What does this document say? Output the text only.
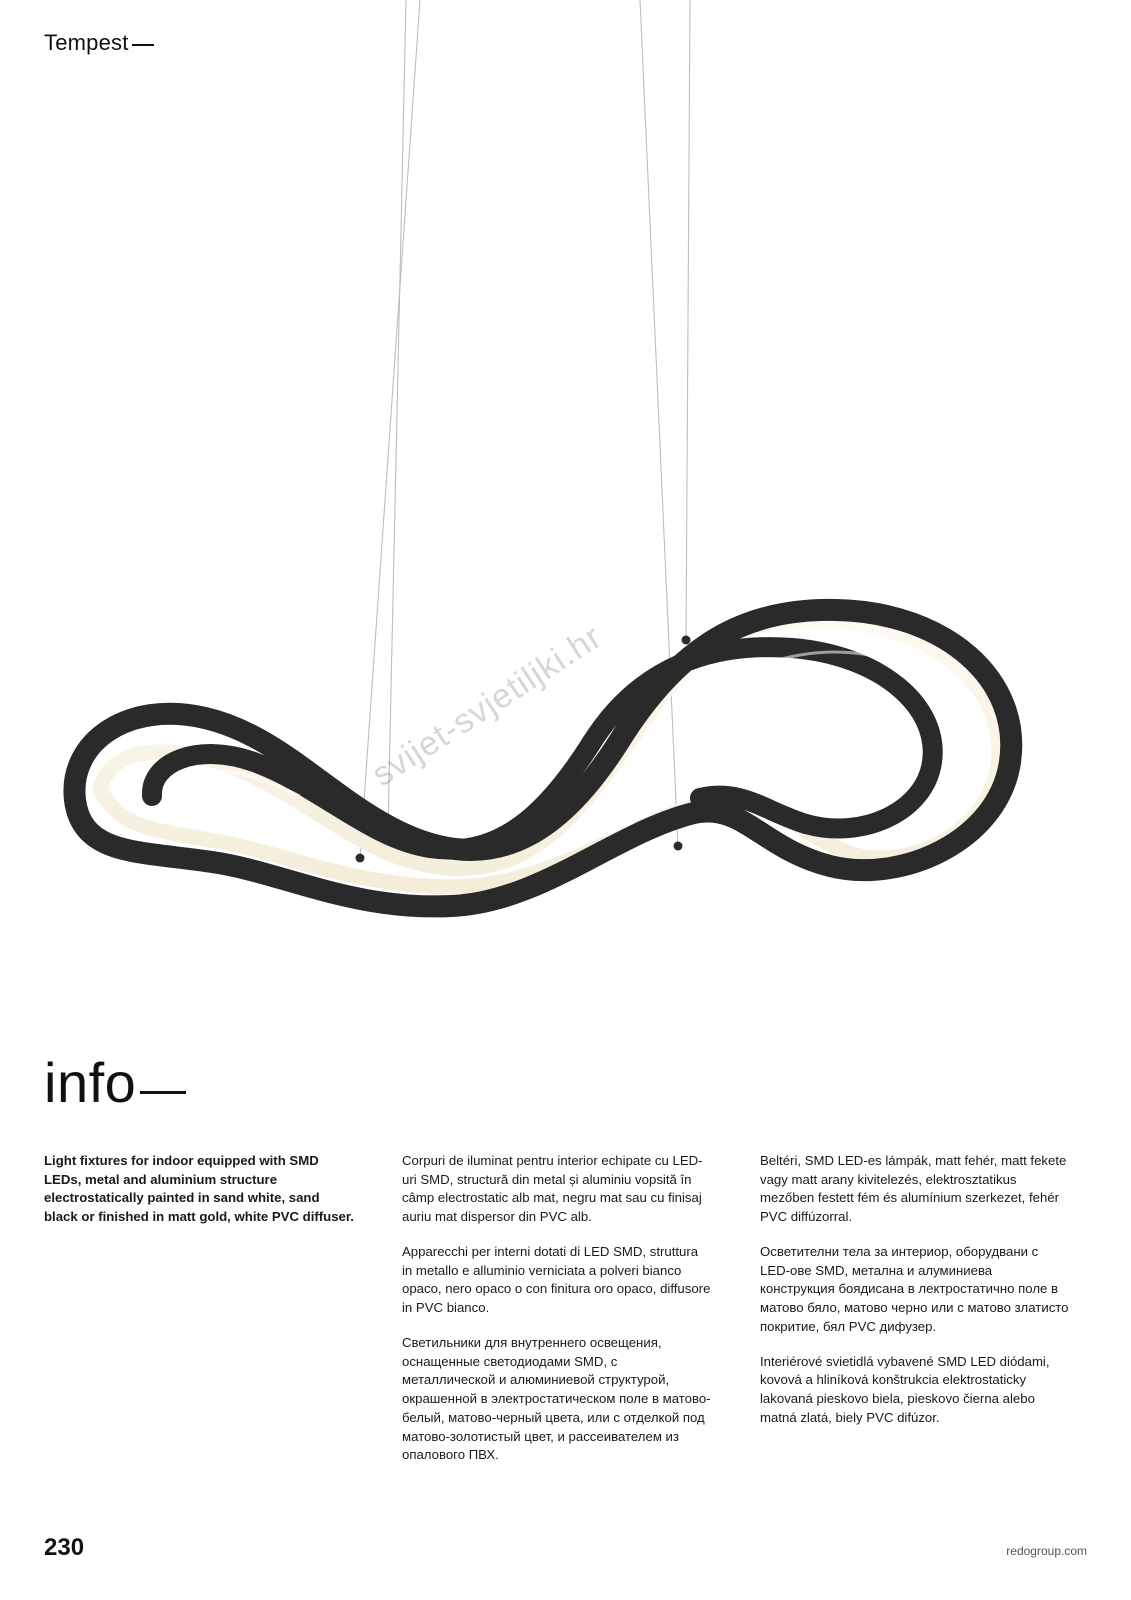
Tempest
svijet-svjetiljki.hr
info

Light fixtures for indoor equipped with SMD LEDs, metal and aluminium structure electrostatically painted in sand white, sand black or finished in matt gold, white PVC diffuser.

Corpuri de iluminat pentru interior echipate cu LED-uri SMD, structură din metal și aluminiu vopsită în câmp electrostatic alb mat, negru mat sau cu finisaj auriu mat dispersor din PVC alb.

Apparecchi per interni dotati di LED SMD, struttura in metallo e alluminio verniciata a polveri bianco opaco, nero opaco o con finitura oro opaco, diffusore in PVC bianco.

Светильники для внутреннего освещения, оснащенные светодиодами SMD, с металлической и алюминиевой структурой, окрашенной в электростатическом поле в матово-белый, матово-черный цвета, или с отделкой под матово-золотистый цвет, и рассеивателем из опалового ПВХ.

Beltéri, SMD LED-es lámpák, matt fehér, matt fekete vagy matt arany kivitelezés, elektrosztatikus mezőben festett fém és alumínium szerkezet, fehér PVC diffúzorral.

Осветителни тела за интериор, оборудвани с LED-ове SMD, метална и алуминиева конструкция боядисана в лектростатично поле в матово бяло, матово черно или с матово златисто покритие, бял PVC дифузер.

Interiérové svietidlá vybavené SMD LED diódami, kovová a hliníková konštrukcia elektrostaticky lakovaná pieskovo biela, pieskovo čierna alebo matná zlatá, biely PVC difúzor.

230	redogroup.com
